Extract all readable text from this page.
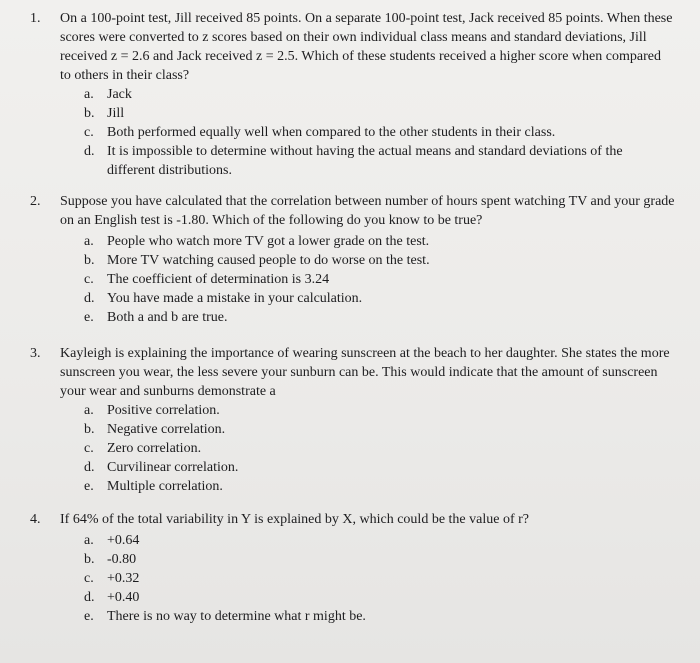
1. On a 100-point test, Jill received 85 points. On a separate 100-point test, Jack received 85 points. When these scores were converted to z scores based on their own individual class means and standard deviations, Jill received z = 2.6 and Jack received z = 2.5. Which of these students received a higher score when compared to others in their class?
a. Jack
b. Jill
c. Both performed equally well when compared to the other students in their class.
d. It is impossible to determine without having the actual means and standard deviations of the different distributions.
2. Suppose you have calculated that the correlation between number of hours spent watching TV and your grade on an English test is -1.80. Which of the following do you know to be true?
a. People who watch more TV got a lower grade on the test.
b. More TV watching caused people to do worse on the test.
c. The coefficient of determination is 3.24
d. You have made a mistake in your calculation.
e. Both a and b are true.
3. Kayleigh is explaining the importance of wearing sunscreen at the beach to her daughter. She states the more sunscreen you wear, the less severe your sunburn can be. This would indicate that the amount of sunscreen your wear and sunburns demonstrate a
a. Positive correlation.
b. Negative correlation.
c. Zero correlation.
d. Curvilinear correlation.
e. Multiple correlation.
4. If 64% of the total variability in Y is explained by X, which could be the value of r?
a. +0.64
b. -0.80
c. +0.32
d. +0.40
e. There is no way to determine what r might be.
